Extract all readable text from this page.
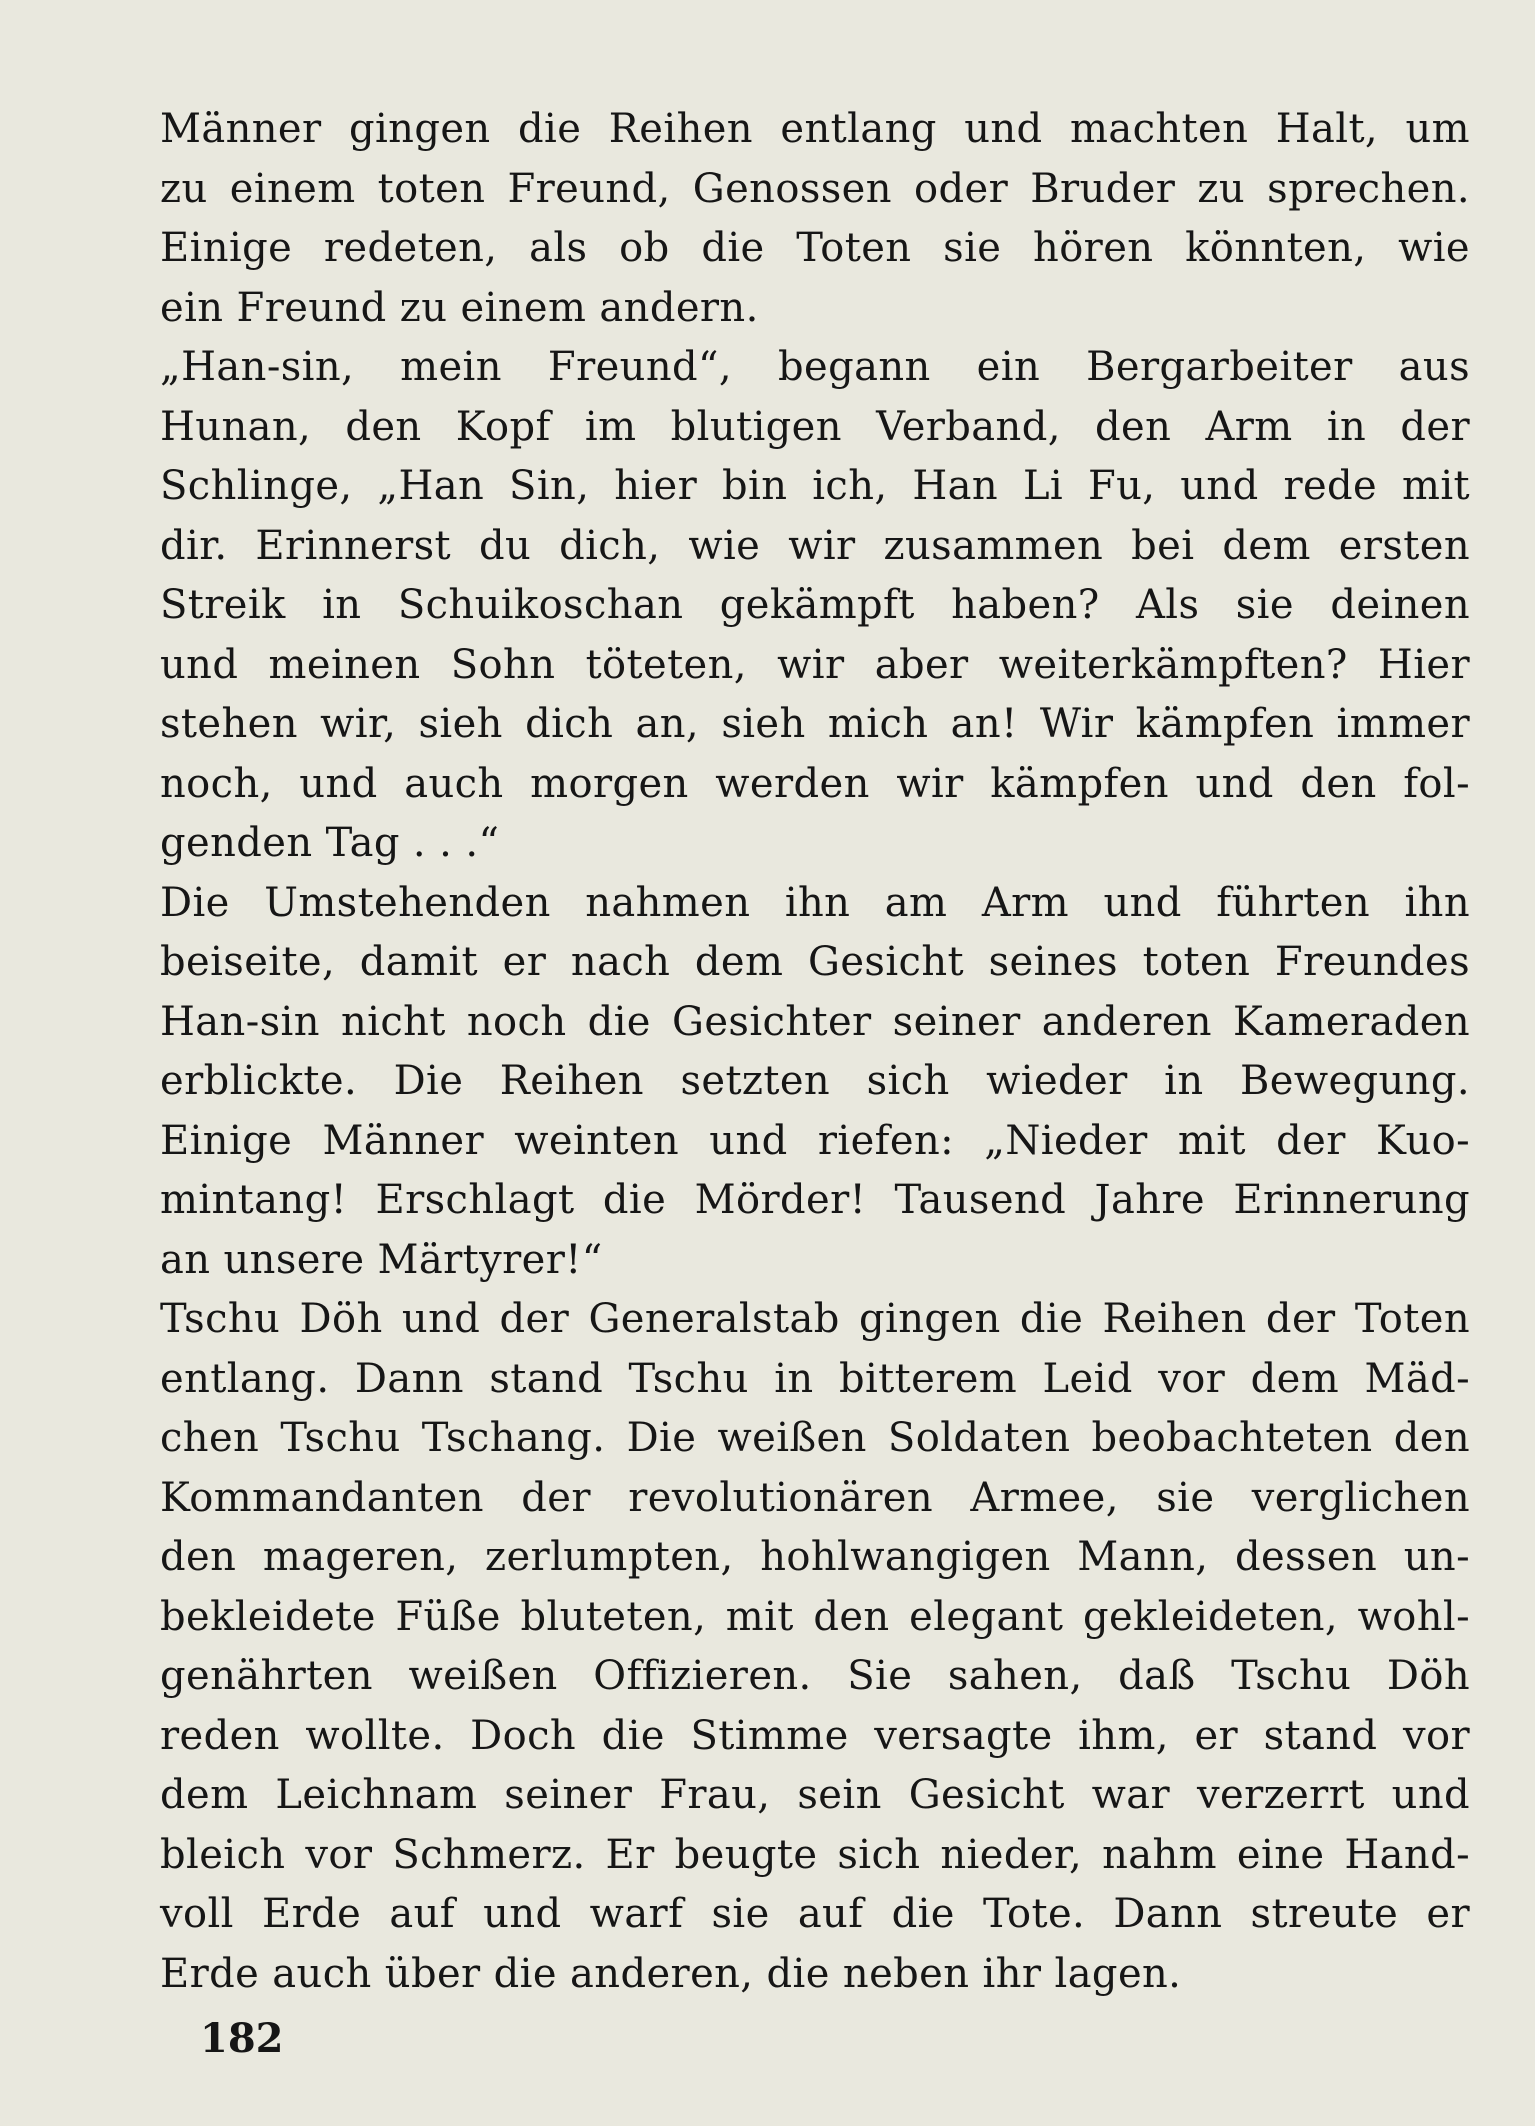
Männer gingen die Reihen entlang und machten Halt, um
zu einem toten Freund, Genossen oder Bruder zu sprechen.
Einige redeten, als ob die Toten sie hören könnten, wie
ein Freund zu einem andern.
„Han-sin, mein Freund“, begann ein Bergarbeiter aus
Hunan, den Kopf im blutigen Verband, den Arm in der
Schlinge, „Han Sin, hier bin ich, Han Li Fu, und rede mit
dir. Erinnerst du dich, wie wir zusammen bei dem ersten
Streik in Schuikoschan gekämpft haben? Als sie deinen
und meinen Sohn töteten, wir aber weiterkämpften? Hier
stehen wir, sieh dich an, sieh mich an! Wir kämpfen immer
noch, und auch morgen werden wir kämpfen und den fol-
genden Tag . . .“
Die Umstehenden nahmen ihn am Arm und führten ihn
beiseite, damit er nach dem Gesicht seines toten Freundes
Han-sin nicht noch die Gesichter seiner anderen Kameraden
erblickte. Die Reihen setzten sich wieder in Bewegung.
Einige Männer weinten und riefen: „Nieder mit der Kuo-
mintang! Erschlagt die Mörder! Tausend Jahre Erinnerung
an unsere Märtyrer!“
Tschu Döh und der Generalstab gingen die Reihen der Toten
entlang. Dann stand Tschu in bitterem Leid vor dem Mäd-
chen Tschu Tschang. Die weißen Soldaten beobachteten den
Kommandanten der revolutionären Armee, sie verglichen
den mageren, zerlumpten, hohlwangigen Mann, dessen un-
bekleidete Füße bluteten, mit den elegant gekleideten, wohl-
genährten weißen Offizieren. Sie sahen, daß Tschu Döh
reden wollte. Doch die Stimme versagte ihm, er stand vor
dem Leichnam seiner Frau, sein Gesicht war verzerrt und
bleich vor Schmerz. Er beugte sich nieder, nahm eine Hand-
voll Erde auf und warf sie auf die Tote. Dann streute er
Erde auch über die anderen, die neben ihr lagen.
182
